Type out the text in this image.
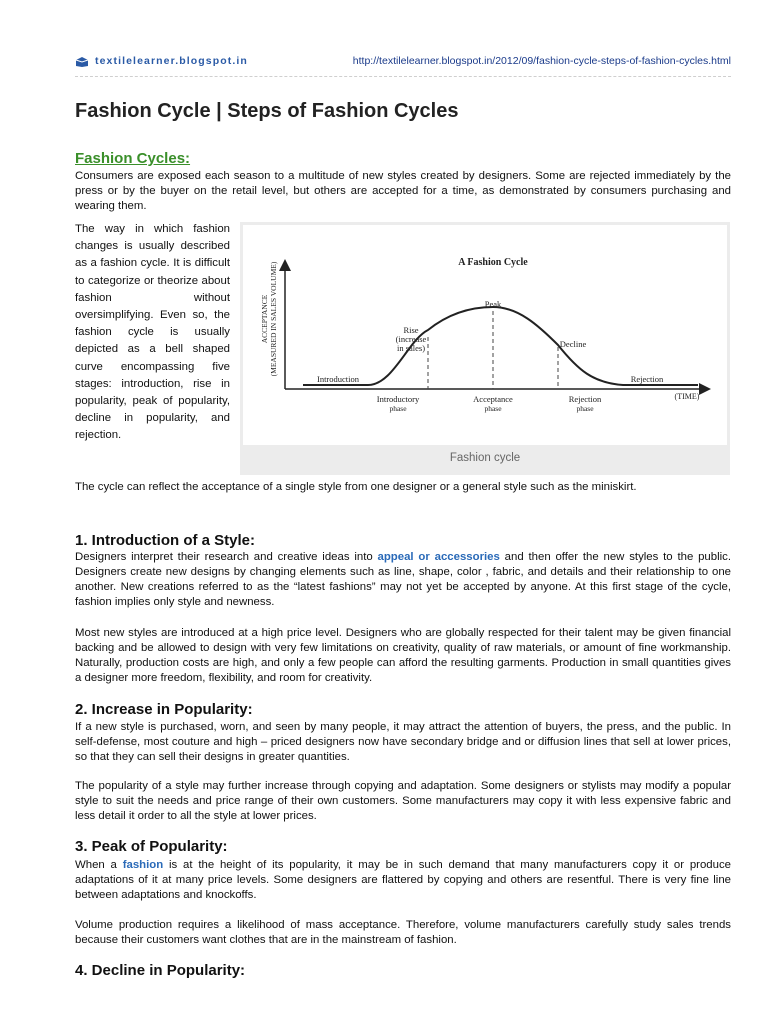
textilelearner.blogspot.in	http://textilelearner.blogspot.in/2012/09/fashion-cycle-steps-of-fashion-cycles.html
Fashion Cycle | Steps of Fashion Cycles
Fashion Cycles:

Consumers are exposed each season to a multitude of new styles created by designers. Some are rejected immediately by the press or by the buyer on the retail level, but others are accepted for a time, as demonstrated by consumers purchasing and wearing them.

The way in which fashion changes is usually described as a fashion cycle. It is difficult to categorize or theorize about fashion without oversimplifying. Even so, the fashion cycle is usually depicted as a bell shaped curve encompassing five stages: introduction, rise in popularity, peak of popularity, decline in popularity, and rejection.

The cycle can reflect the acceptance of a single style from one designer or a general style such as the miniskirt.

A Fashion Cycle
ACCEPTANCE (MEASURED IN SALES VOLUME)
(TIME)
Introduction
Rise
(increase
in sales)
Peak
Decline
Rejection
Introductory
phase
Acceptance
phase
Rejection
phase
Fashion cycle
1. Introduction of a Style:

Designers interpret their research and creative ideas into appeal or accessories and then offer the new styles to the public. Designers create new designs by changing elements such as line, shape, color , fabric, and details and their relationship to one another. New creations referred to as the “latest fashions” may not yet be accepted by anyone. At this first stage of the cycle, fashion implies only style and newness.

Most new styles are introduced at a high price level. Designers who are globally respected for their talent may be given financial backing and be allowed to design with very few limitations on creativity, quality of raw materials, or amount of fine workmanship. Naturally, production costs are high, and only a few people can afford the resulting garments. Production in small quantities gives a designer more freedom, flexibility, and room for creativity.

2. Increase in Popularity:

If a new style is purchased, worn, and seen by many people, it may attract the attention of buyers, the press, and the public. In self-defense, most couture and high – priced designers now have secondary bridge and or diffusion lines that sell at lower prices, so that they can sell their designs in greater quantities.

The popularity of a style may further increase through copying and adaptation. Some designers or stylists may modify a popular style to suit the needs and price range of their own customers. Some manufacturers may copy it with less expensive fabric and less detail it order to all the style at lower prices.

3. Peak of Popularity:

When a fashion is at the height of its popularity, it may be in such demand that many manufacturers copy it or produce adaptations of it at many price levels. Some designers are flattered by copying and others are resentful. There is very fine line between adaptations and knockoffs.

Volume production requires a likelihood of mass acceptance. Therefore, volume manufacturers carefully study sales trends because their customers want clothes that are in the mainstream of fashion.

4. Decline in Popularity:
